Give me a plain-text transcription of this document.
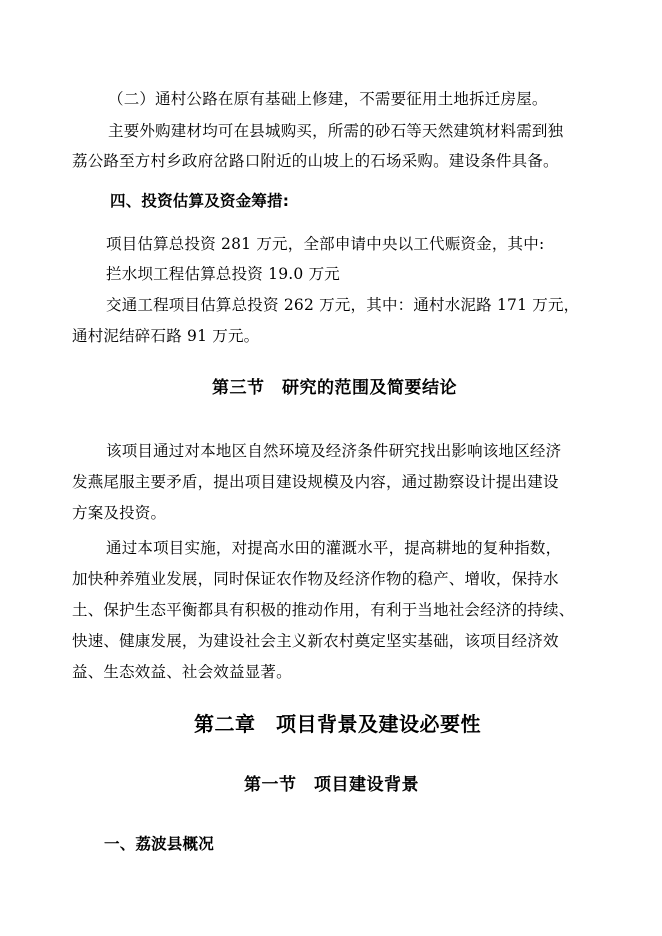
（二）通村公路在原有基础上修建，不需要征用土地拆迁房屋。
主要外购建材均可在县城购买，所需的砂石等天然建筑材料需到独
荔公路至方村乡政府岔路口附近的山坡上的石场采购。建设条件具备。
四、投资估算及资金筹措:
项目估算总投资 281 万元，全部申请中央以工代赈资金，其中:
拦水坝工程估算总投资 19.0 万元
交通工程项目估算总投资 262 万元，其中：通村水泥路 171 万元，
通村泥结碎石路 91 万元。
第三节　研究的范围及简要结论
该项目通过对本地区自然环境及经济条件研究找出影响该地区经济
发燕尾服主要矛盾，提出项目建设规模及内容，通过勘察设计提出建设
方案及投资。
通过本项目实施，对提高水田的灌溉水平，提高耕地的复种指数，
加快种养殖业发展，同时保证农作物及经济作物的稳产、增收，保持水
土、保护生态平衡都具有积极的推动作用，有利于当地社会经济的持续、
快速、健康发展，为建设社会主义新农村奠定坚实基础，该项目经济效
益、生态效益、社会效益显著。
第二章　项目背景及建设必要性
第一节　项目建设背景
一、荔波县概况
